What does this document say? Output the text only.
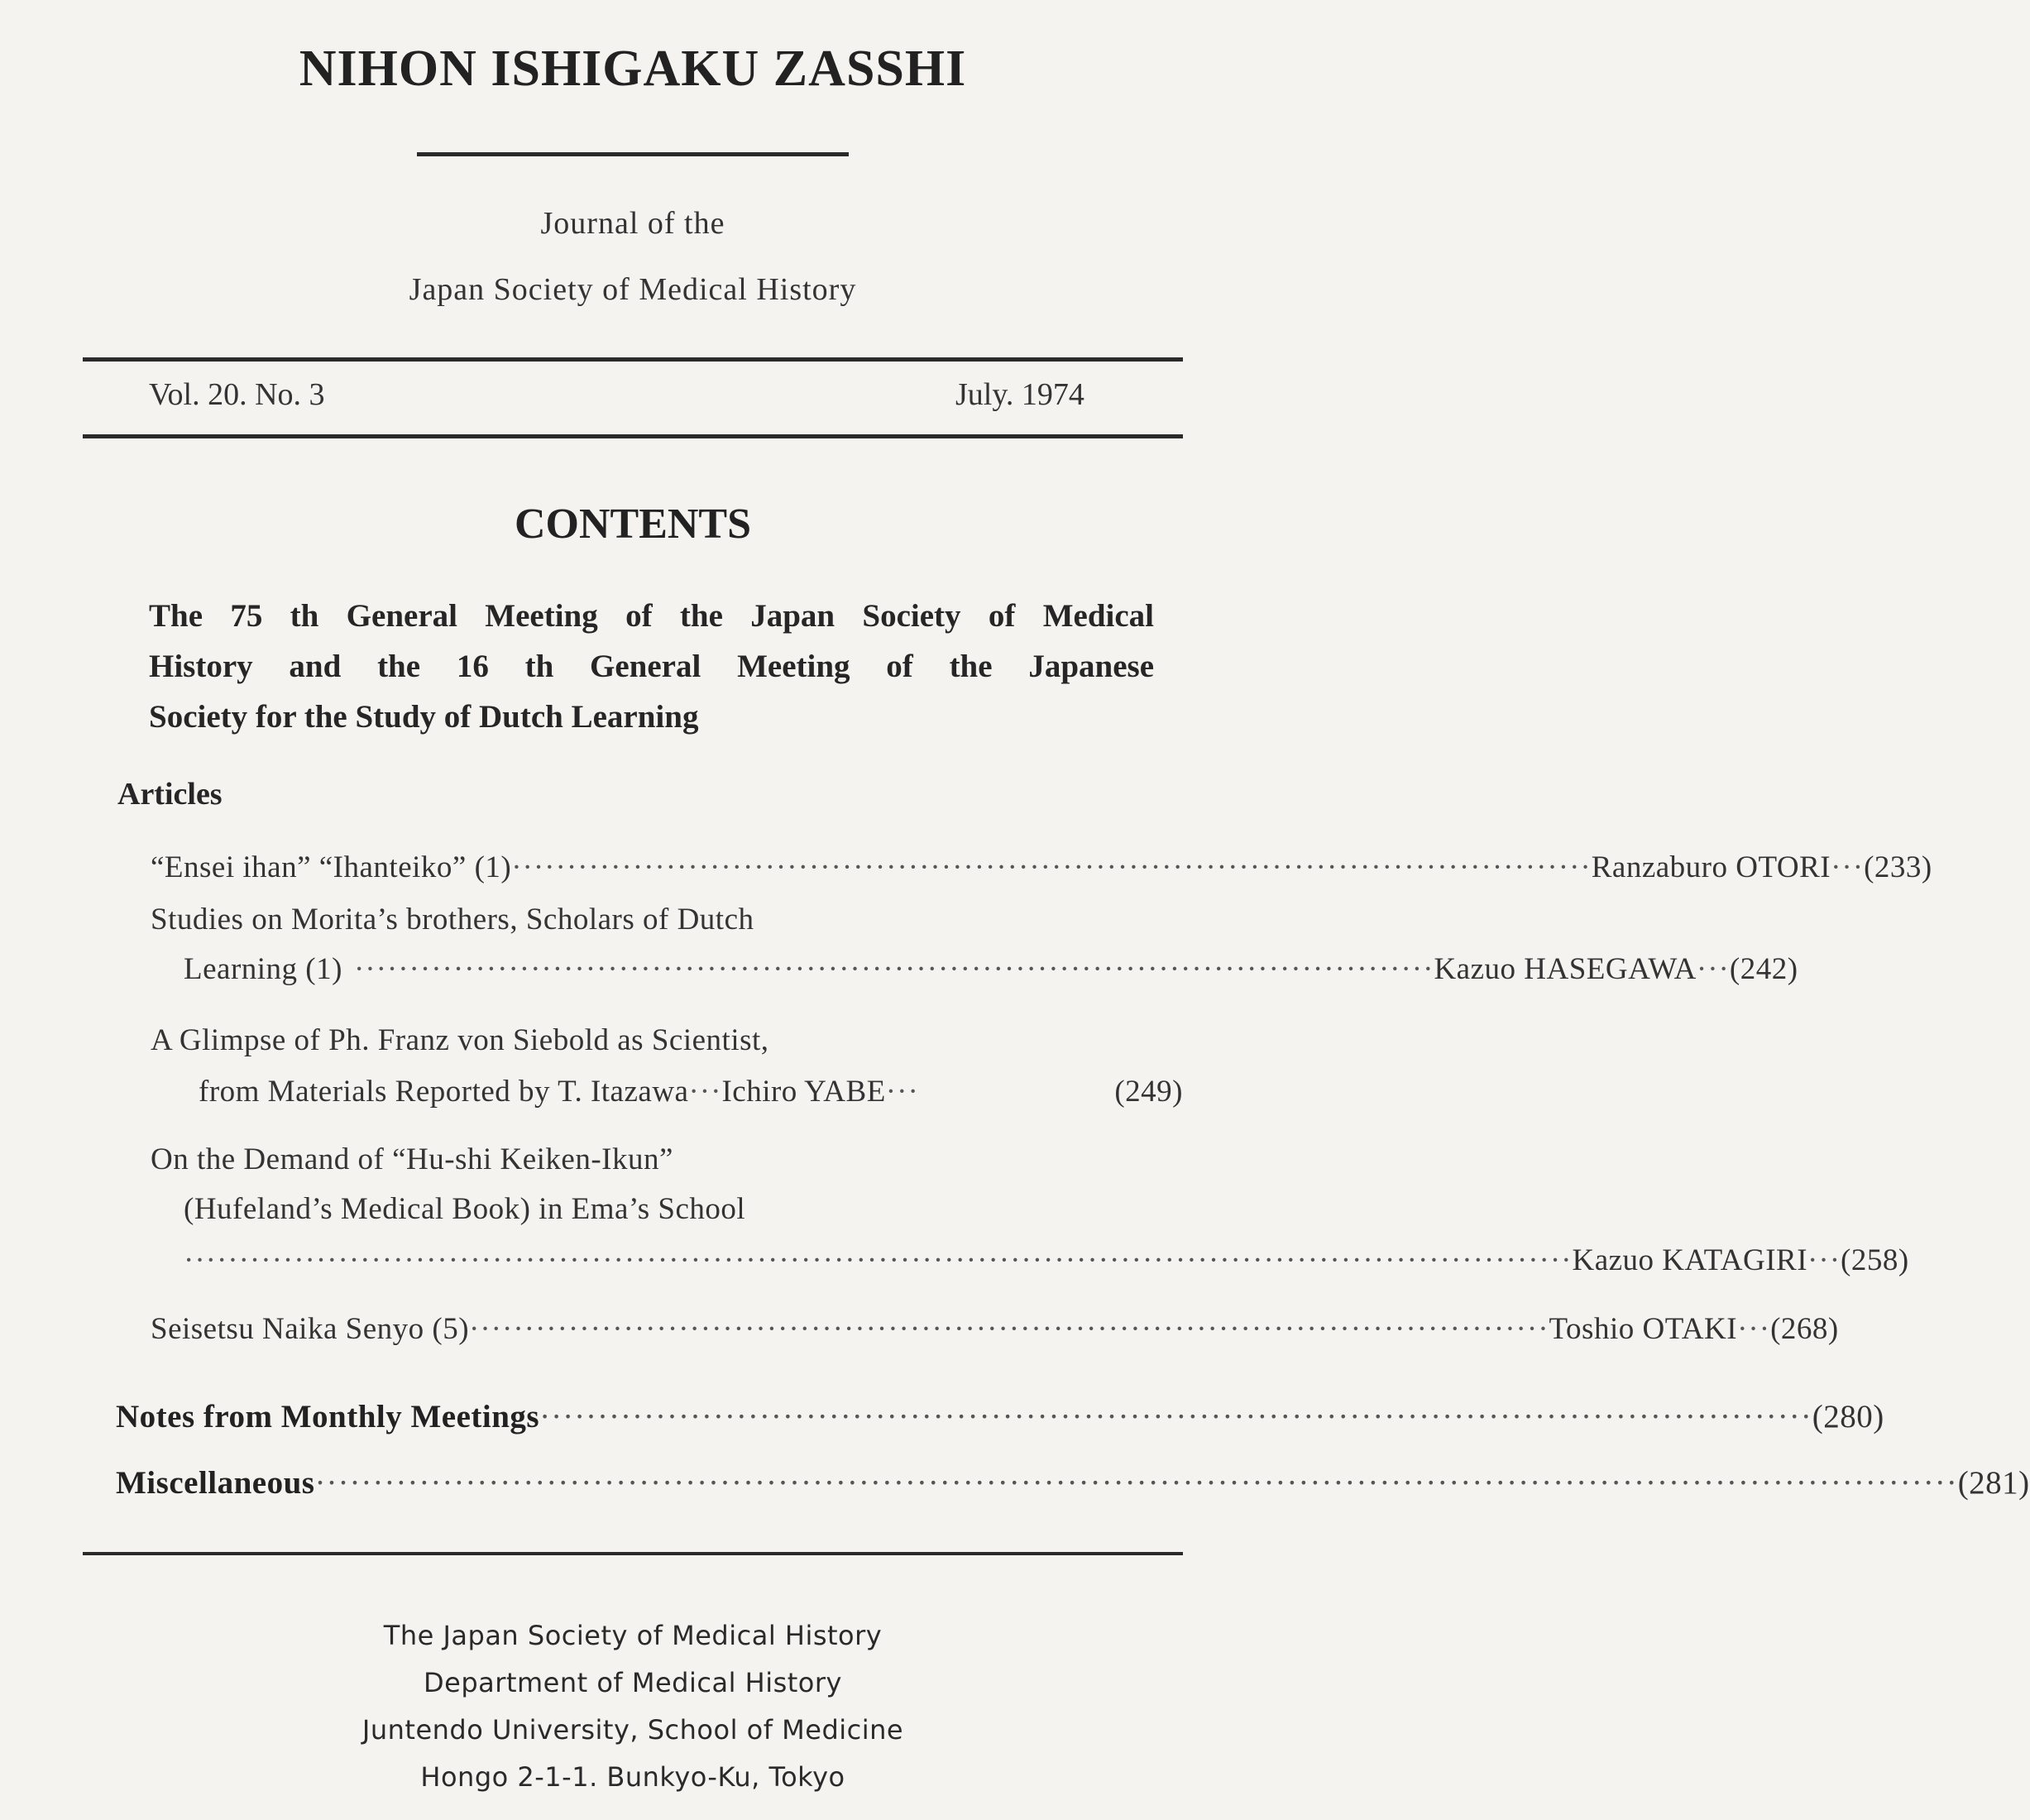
NIHON ISHIGAKU ZASSHI
Journal of the
Japan Society of Medical History
Vol. 20. No. 3	July. 1974
CONTENTS
The 75 th General Meeting of the Japan Society of Medical
History and the 16 th General Meeting of the Japanese
Society for the Study of Dutch Learning
Articles
“Ensei ihan” “Ihanteiko” (1) ·································································································· Ranzaburo OTORI ··· (233)
Studies on Morita’s brothers, Scholars of Dutch
Learning (1) ·································································································· Kazuo HASEGAWA ··· (242)
A Glimpse of Ph. Franz von Siebold as Scientist,
from Materials Reported by T. Itazawa ··· Ichiro YABE ···	(249)
On the Demand of “Hu-shi Keiken-Ikun”
(Hufeland’s Medical Book) in Ema’s School
······························································································································ Kazuo KATAGIRI ··· (258)
Seisetsu Naika Senyo (5) ·································································································· Toshio OTAKI ··· (268)
Notes from Monthly Meetings ·············································································································· (280)
Miscellaneous ·············································································································································· (281)
The Japan Society of Medical History
Department of Medical History
Juntendo University, School of Medicine
Hongo 2-1-1. Bunkyo-Ku, Tokyo
